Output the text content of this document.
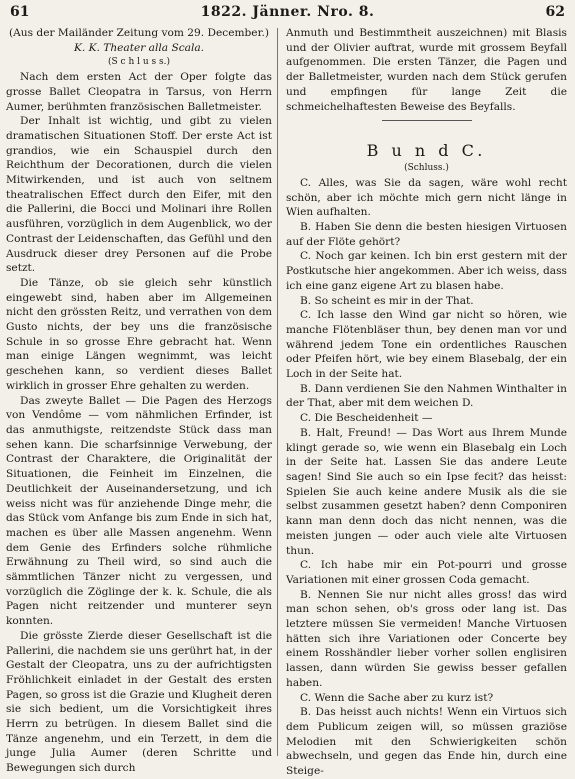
61	1822. Jänner. Nro. 8.	62

(Aus der Mailänder Zeitung vom 29. December.)

K. K. Theater alla Scala.

(S c h l u s s.)

Nach dem ersten Act der Oper folgte das grosse Ballet Cleopatra in Tarsus, von Herrn Aumer, berühmten französischen Balletmeister.

Der Inhalt ist wichtig, und gibt zu vielen dramatischen Situationen Stoff. Der erste Act ist grandios, wie ein Schauspiel durch den Reichthum der Decorationen, durch die vielen Mitwirkenden, und ist auch von seltnem theatralischen Effect durch den Eifer, mit den die Pallerini, die Bocci und Molinari ihre Rollen ausführen, vorzüglich in dem Augenblick, wo der Contrast der Leidenschaften, das Gefühl und den Ausdruck dieser drey Personen auf die Probe setzt.

Die Tänze, ob sie gleich sehr künstlich eingewebt sind, haben aber im Allgemeinen nicht den grössten Reitz, und verrathen von dem Gusto nichts, der bey uns die französische Schule in so grosse Ehre gebracht hat. Wenn man einige Längen wegnimmt, was leicht geschehen kann, so verdient dieses Ballet wirklich in grosser Ehre gehalten zu werden.

Das zweyte Ballet — Die Pagen des Herzogs von Vendôme — vom nähmlichen Erfinder, ist das anmuthigste, reitzendste Stück dass man sehen kann. Die scharfsinnige Verwebung, der Contrast der Charaktere, die Originalität der Situationen, die Feinheit im Einzelnen, die Deutlichkeit der Auseinandersetzung, und ich weiss nicht was für anziehende Dinge mehr, die das Stück vom Anfange bis zum Ende in sich hat, machen es über alle Massen angenehm. Wenn dem Genie des Erfinders solche rühmliche Erwähnung zu Theil wird, so sind auch die sämmtlichen Tänzer nicht zu vergessen, und vorzüglich die Zöglinge der k. k. Schule, die als Pagen nicht reitzender und munterer seyn konnten.

Die grösste Zierde dieser Gesellschaft ist die Pallerini, die nachdem sie uns gerührt hat, in der Gestalt der Cleopatra, uns zu der aufrichtigsten Fröhlichkeit einladet in der Gestalt des ersten Pagen, so gross ist die Grazie und Klugheit deren sie sich bedient, um die Vorsichtigkeit ihres Herrn zu betrügen. In diesem Ballet sind die Tänze angenehm, und ein Terzett, in dem die junge Julia Aumer (deren Schritte und Bewegungen sich durch

Anmuth und Bestimmtheit auszeichnen) mit Blasis und der Olivier auftrat, wurde mit grossem Beyfall aufgenommen. Die ersten Tänzer, die Pagen und der Balletmeister, wurden nach dem Stück gerufen und empfingen für lange Zeit die schmeichelhaftesten Beweise des Beyfalls.

B u n d C.

(Schluss.)

C. Alles, was Sie da sagen, wäre wohl recht schön, aber ich möchte mich gern nicht länge in Wien aufhalten.

B. Haben Sie denn die besten hiesigen Virtuosen auf der Flöte gehört?

C. Noch gar keinen. Ich bin erst gestern mit der Postkutsche hier angekommen. Aber ich weiss, dass ich eine ganz eigene Art zu blasen habe.

B. So scheint es mir in der That.

C. Ich lasse den Wind gar nicht so hören, wie manche Flötenbläser thun, bey denen man vor und während jedem Tone ein ordentliches Rauschen oder Pfeifen hört, wie bey einem Blasebalg, der ein Loch in der Seite hat.

B. Dann verdienen Sie den Nahmen Winthalter in der That, aber mit dem weichen D.

C. Die Bescheidenheit —

B. Halt, Freund! — Das Wort aus Ihrem Munde klingt gerade so, wie wenn ein Blasebalg ein Loch in der Seite hat. Lassen Sie das andere Leute sagen! Sind Sie auch so ein Ipse fecit? das heisst: Spielen Sie auch keine andere Musik als die sie selbst zusammen gesetzt haben? denn Componiren kann man denn doch das nicht nennen, was die meisten jungen — oder auch viele alte Virtuosen thun.

C. Ich habe mir ein Pot-pourri und grosse Variationen mit einer grossen Coda gemacht.

B. Nennen Sie nur nicht alles gross! das wird man schon sehen, ob's gross oder lang ist. Das letztere müssen Sie vermeiden! Manche Virtuosen hätten sich ihre Variationen oder Concerte bey einem Rosshändler lieber vorher sollen englisiren lassen, dann würden Sie gewiss besser gefallen haben.

C. Wenn die Sache aber zu kurz ist?

B. Das heisst auch nichts! Wenn ein Virtuos sich dem Publicum zeigen will, so müssen graziöse Melodien mit den Schwierigkeiten schön abwechseln, und gegen das Ende hin, durch eine Steige-
